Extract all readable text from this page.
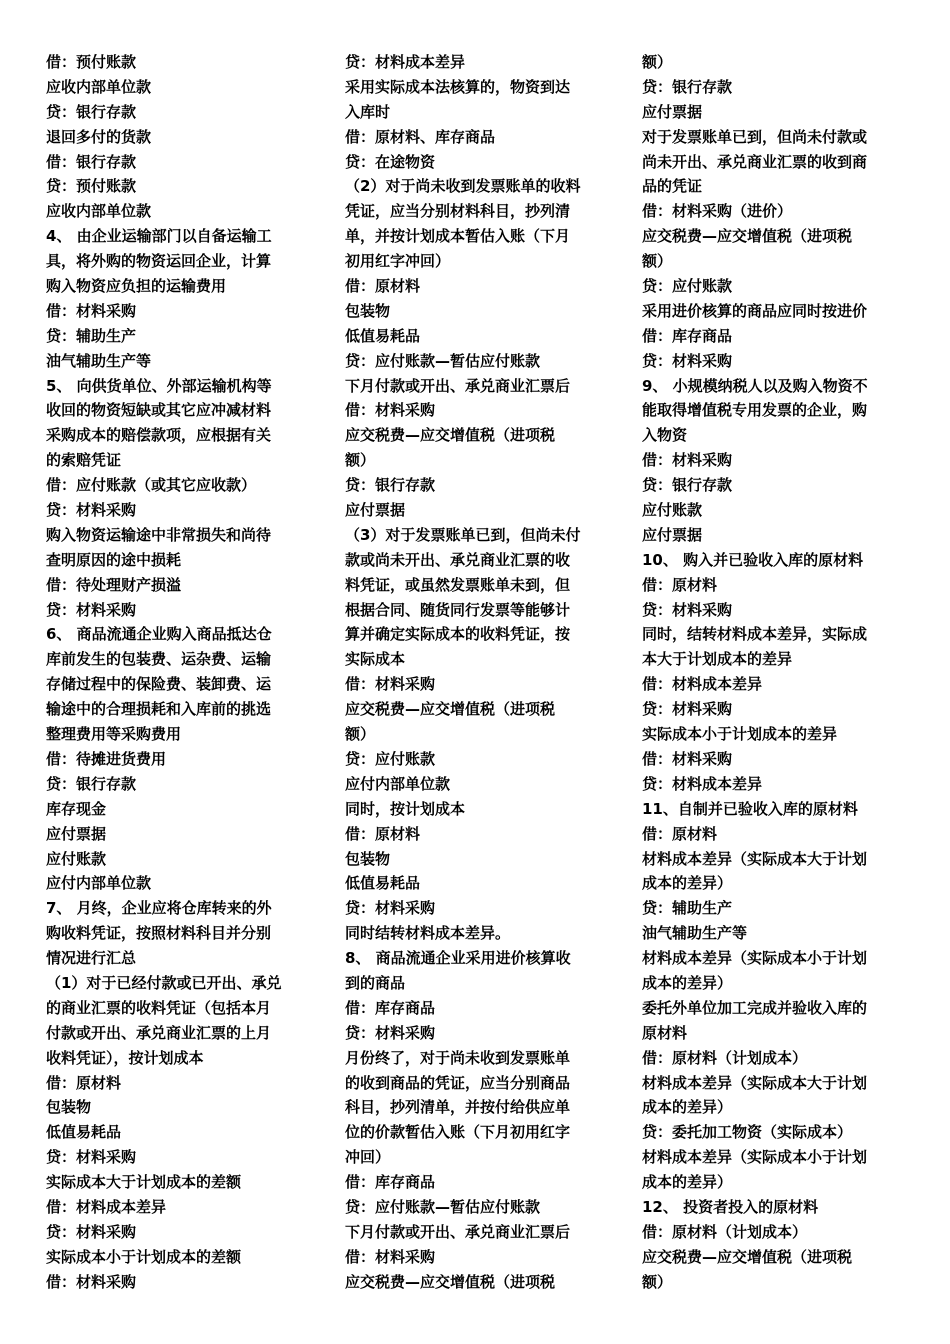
借：预付账款
应收内部单位款
贷：银行存款
退回多付的货款
借：银行存款
贷：预付账款
应收内部单位款
4、 由企业运输部门以自备运输工
具，将外购的物资运回企业，计算
购入物资应负担的运输费用
借：材料采购
贷：辅助生产
油气辅助生产等
5、 向供货单位、外部运输机构等
收回的物资短缺或其它应冲减材料
采购成本的赔偿款项，应根据有关
的索赔凭证
借：应付账款（或其它应收款）
贷：材料采购
购入物资运输途中非常损失和尚待
查明原因的途中损耗
借：待处理财产损溢
贷：材料采购
6、 商品流通企业购入商品抵达仓
库前发生的包装费、运杂费、运输
存储过程中的保险费、装卸费、运
输途中的合理损耗和入库前的挑选
整理费用等采购费用
借：待摊进货费用
贷：银行存款
库存现金
应付票据
应付账款
应付内部单位款
7、 月终，企业应将仓库转来的外
购收料凭证，按照材料科目并分别
情况进行汇总
（1）对于已经付款或已开出、承兑
的商业汇票的收料凭证（包括本月
付款或开出、承兑商业汇票的上月
收料凭证），按计划成本
借：原材料
包装物
低值易耗品
贷：材料采购
实际成本大于计划成本的差额
借：材料成本差异
贷：材料采购
实际成本小于计划成本的差额
借：材料采购
贷：材料成本差异
采用实际成本法核算的，物资到达
入库时
借：原材料、库存商品
贷：在途物资
（2）对于尚未收到发票账单的收料
凭证，应当分别材料科目，抄列清
单，并按计划成本暂估入账（下月
初用红字冲回）
借：原材料
包装物
低值易耗品
贷：应付账款—暂估应付账款
下月付款或开出、承兑商业汇票后
借：材料采购
应交税费—应交增值税（进项税
额）
贷：银行存款
应付票据
（3）对于发票账单已到，但尚未付
款或尚未开出、承兑商业汇票的收
料凭证，或虽然发票账单未到，但
根据合同、随货同行发票等能够计
算并确定实际成本的收料凭证，按
实际成本
借：材料采购
应交税费—应交增值税（进项税
额）
贷：应付账款
应付内部单位款
同时，按计划成本
借：原材料
包装物
低值易耗品
贷：材料采购
同时结转材料成本差异。
8、 商品流通企业采用进价核算收
到的商品
借：库存商品
贷：材料采购
月份终了，对于尚未收到发票账单
的收到商品的凭证，应当分别商品
科目，抄列清单，并按付给供应单
位的价款暂估入账（下月初用红字
冲回）
借：库存商品
贷：应付账款—暂估应付账款
下月付款或开出、承兑商业汇票后
借：材料采购
应交税费—应交增值税（进项税
额）
贷：银行存款
应付票据
对于发票账单已到，但尚未付款或
尚未开出、承兑商业汇票的收到商
品的凭证
借：材料采购（进价）
应交税费—应交增值税（进项税
额）
贷：应付账款
采用进价核算的商品应同时按进价
借：库存商品
贷：材料采购
9、 小规模纳税人以及购入物资不
能取得增值税专用发票的企业，购
入物资
借：材料采购
贷：银行存款
应付账款
应付票据
10、 购入并已验收入库的原材料
借：原材料
贷：材料采购
同时，结转材料成本差异，实际成
本大于计划成本的差异
借：材料成本差异
贷：材料采购
实际成本小于计划成本的差异
借：材料采购
贷：材料成本差异
11、自制并已验收入库的原材料
借：原材料
材料成本差异（实际成本大于计划
成本的差异）
贷：辅助生产
油气辅助生产等
材料成本差异（实际成本小于计划
成本的差异）
委托外单位加工完成并验收入库的
原材料
借：原材料（计划成本）
材料成本差异（实际成本大于计划
成本的差异）
贷：委托加工物资（实际成本）
材料成本差异（实际成本小于计划
成本的差异）
12、 投资者投入的原材料
借：原材料（计划成本）
应交税费—应交增值税（进项税
额）
